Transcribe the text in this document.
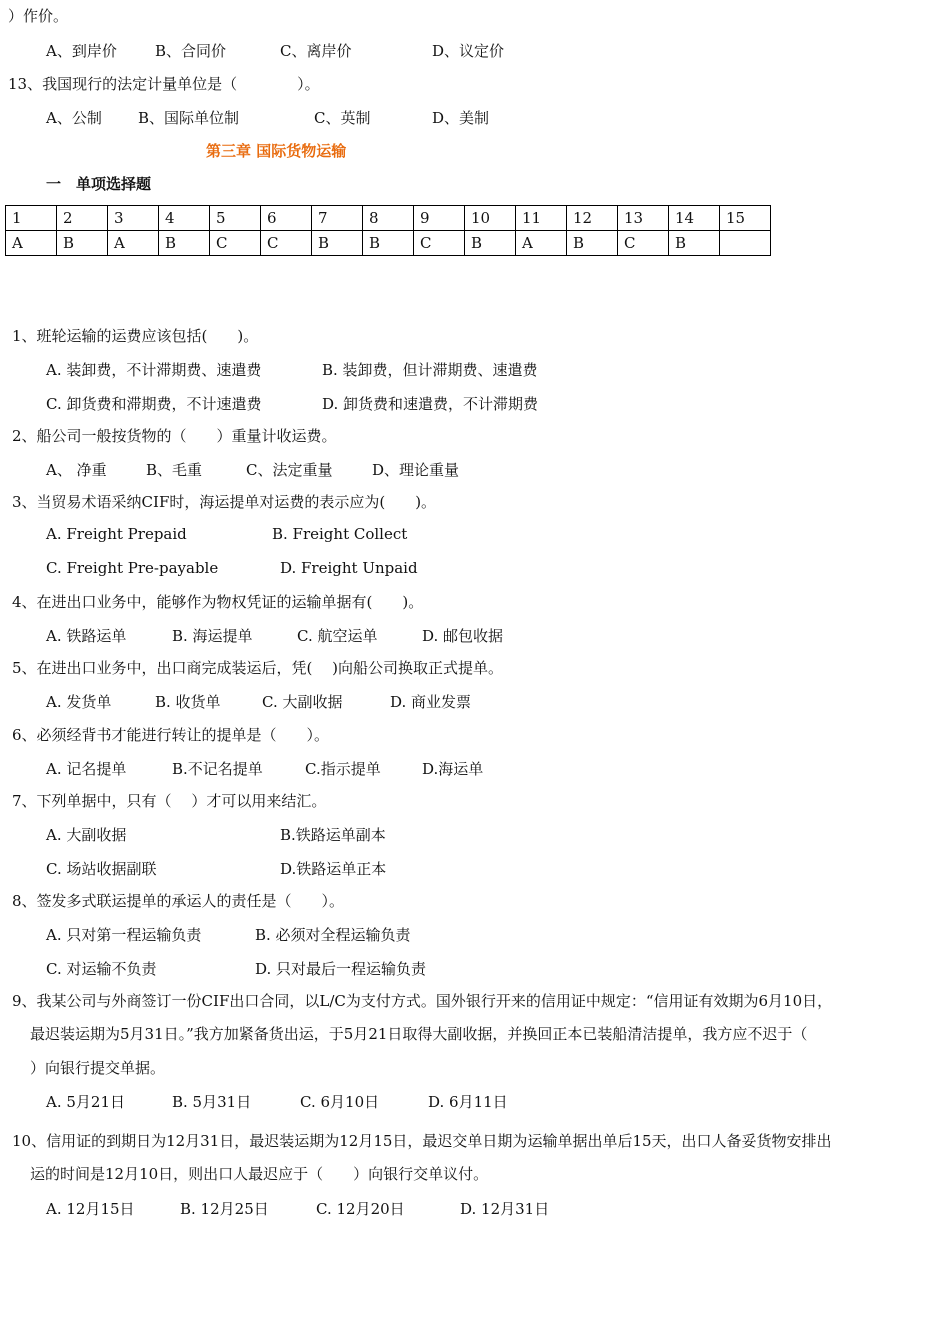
）作价。
A、到岸价	B、合同价	C、离岸价	D、议定价
13、我国现行的法定计量单位是（　　　　）。
A、公制 B、国际单位制	C、英制	D、美制
第三章 国际货物运输
一　单项选择题
1	2	3	4	5	6	7	8	9	10	11	12	13	14	15
A	B	A	B	C	C	B	B	C	B	A	B	C	B	
1、班轮运输的运费应该包括(　　)。
A. 装卸费，不计滞期费、速遣费	B. 装卸费，但计滞期费、速遣费
C. 卸货费和滞期费，不计速遣费	D. 卸货费和速遣费，不计滞期费
2、船公司一般按货物的（　　）重量计收运费。
A、 净重	B、毛重	C、法定重量	D、理论重量
3、当贸易术语采纳CIF时，海运提单对运费的表示应为(　　)。
A. Freight Prepaid	B. Freight Collect
C. Freight Pre-payable	D. Freight Unpaid
4、在进出口业务中，能够作为物权凭证的运输单据有(　　)。
A. 铁路运单	B. 海运提单	C. 航空运单	D. 邮包收据
5、在进出口业务中，出口商完成装运后，凭(　 )向船公司换取正式提单。
A. 发货单	B. 收货单	C. 大副收据	D. 商业发票
6、必须经背书才能进行转让的提单是（　　）。
A. 记名提单	B.不记名提单	C.指示提单	D.海运单
7、下列单据中，只有（　 ）才可以用来结汇。
A. 大副收据	B.铁路运单副本
C. 场站收据副联	D.铁路运单正本
8、签发多式联运提单的承运人的责任是（　　）。
A. 只对第一程运输负责	B. 必须对全程运输负责
C. 对运输不负责	D. 只对最后一程运输负责
9、我某公司与外商签订一份CIF出口合同，以L/C为支付方式。国外银行开来的信用证中规定：“信用证有效期为6月10日，
最迟装运期为5月31日。”我方加紧备货出运，于5月21日取得大副收据，并换回正本已装船清洁提单，我方应不迟于（
）向银行提交单据。
A. 5月21日	B. 5月31日	C. 6月10日	D. 6月11日
10、信用证的到期日为12月31日，最迟装运期为12月15日，最迟交单日期为运输单据出单后15天，出口人备妥货物安排出
运的时间是12月10日，则出口人最迟应于（　　）向银行交单议付。
A. 12月15日	B. 12月25日	C. 12月20日	D. 12月31日
